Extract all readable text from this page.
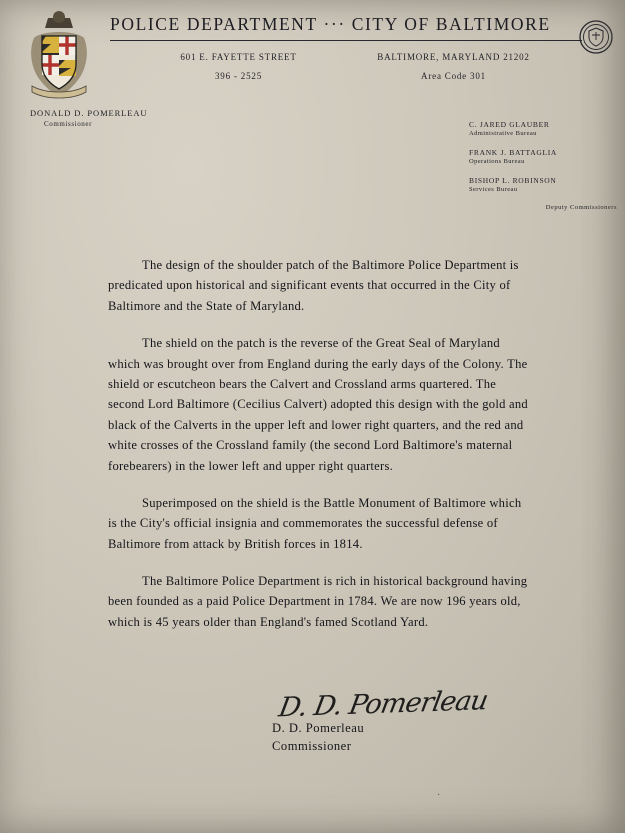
POLICE DEPARTMENT ··· CITY OF BALTIMORE
601 E. FAYETTE STREET	BALTIMORE, MARYLAND 21202
396 - 2525	Area Code 301
DONALD D. POMERLEAU
Commissioner	C. JARED GLAUBER
Administrative Bureau
FRANK J. BATTAGLIA
Operations Bureau
BISHOP L. ROBINSON
Services Bureau
Deputy Commissioners

The design of the shoulder patch of the Baltimore Police Department is predicated upon historical and significant events that occurred in the City of Baltimore and the State of Maryland.

The shield on the patch is the reverse of the Great Seal of Maryland which was brought over from England during the early days of the Colony. The shield or escutcheon bears the Calvert and Crossland arms quartered. The second Lord Baltimore (Cecilius Calvert) adopted this design with the gold and black of the Calverts in the upper left and lower right quarters, and the red and white crosses of the Crossland family (the second Lord Baltimore's maternal forebearers) in the lower left and upper right quarters.

Superimposed on the shield is the Battle Monument of Baltimore which is the City's official insignia and commemorates the successful defense of Baltimore from attack by British forces in 1814.

The Baltimore Police Department is rich in historical background having been founded as a paid Police Department in 1784. We are now 196 years old, which is 45 years older than England's famed Scotland Yard.

D. D. Pomerleau
D. D. Pomerleau
Commissioner
·
